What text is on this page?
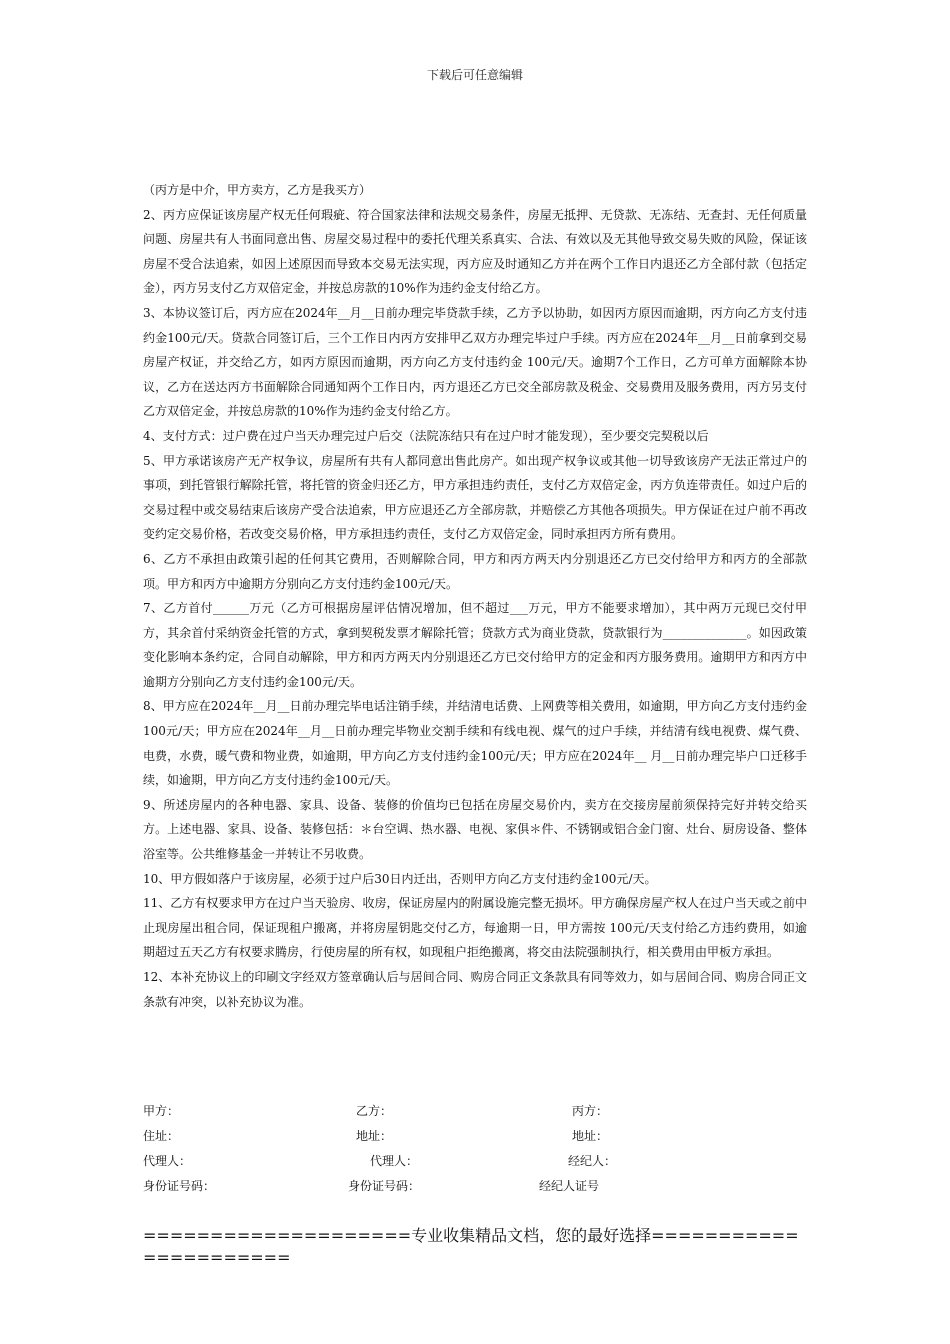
下载后可任意编辑

（丙方是中介，甲方卖方，乙方是我买方）

2、丙方应保证该房屋产权无任何瑕疵、符合国家法律和法规交易条件，房屋无抵押、无贷款、无冻结、无查封、无任何质量问题、房屋共有人书面同意出售、房屋交易过程中的委托代理关系真实、合法、有效以及无其他导致交易失败的风险，保证该房屋不受合法追索，如因上述原因而导致本交易无法实现，丙方应及时通知乙方并在两个工作日内退还乙方全部付款（包括定金），丙方另支付乙方双倍定金，并按总房款的10%作为违约金支付给乙方。

3、本协议签订后，丙方应在2024年__月__日前办理完毕贷款手续，乙方予以协助，如因丙方原因而逾期，丙方向乙方支付违约金100元/天。贷款合同签订后，三个工作日内丙方安排甲乙双方办理完毕过户手续。丙方应在2024年__月__日前拿到交易房屋产权证，并交给乙方，如丙方原因而逾期，丙方向乙方支付违约金 100元/天。逾期7个工作日，乙方可单方面解除本协议，乙方在送达丙方书面解除合同通知两个工作日内，丙方退还乙方已交全部房款及税金、交易费用及服务费用，丙方另支付乙方双倍定金，并按总房款的10%作为违约金支付给乙方。

4、支付方式：过户费在过户当天办理完过户后交（法院冻结只有在过户时才能发现），至少要交完契税以后

5、甲方承诺该房产无产权争议，房屋所有共有人都同意出售此房产。如出现产权争议或其他一切导致该房产无法正常过户的事项，到托管银行解除托管，将托管的资金归还乙方，甲方承担违约责任，支付乙方双倍定金，丙方负连带责任。如过户后的交易过程中或交易结束后该房产受合法追索，甲方应退还乙方全部房款，并赔偿乙方其他各项损失。甲方保证在过户前不再改变约定交易价格，若改变交易价格，甲方承担违约责任，支付乙方双倍定金，同时承担丙方所有费用。

6、乙方不承担由政策引起的任何其它费用，否则解除合同，甲方和丙方两天内分别退还乙方已交付给甲方和丙方的全部款项。甲方和丙方中逾期方分别向乙方支付违约金100元/天。

7、乙方首付______万元（乙方可根据房屋评估情况增加，但不超过___万元，甲方不能要求增加），其中两万元现已交付甲方，其余首付采纳资金托管的方式，拿到契税发票才解除托管；贷款方式为商业贷款，贷款银行为______________。如因政策变化影响本条约定，合同自动解除，甲方和丙方两天内分别退还乙方已交付给甲方的定金和丙方服务费用。逾期甲方和丙方中逾期方分别向乙方支付违约金100元/天。

8、甲方应在2024年__月__日前办理完毕电话注销手续，并结清电话费、上网费等相关费用，如逾期，甲方向乙方支付违约金100元/天；甲方应在2024年__月__日前办理完毕物业交割手续和有线电视、煤气的过户手续，并结清有线电视费、煤气费、电费，水费，暖气费和物业费，如逾期，甲方向乙方支付违约金100元/天；甲方应在2024年__ 月__日前办理完毕户口迁移手续，如逾期，甲方向乙方支付违约金100元/天。

9、所述房屋内的各种电器、家具、设备、装修的价值均已包括在房屋交易价内，卖方在交接房屋前须保持完好并转交给买方。上述电器、家具、设备、装修包括：＊台空调、热水器、电视、家俱＊件、不锈钢或铝合金门窗、灶台、厨房设备、整体浴室等。公共维修基金一并转让不另收费。

10、甲方假如落户于该房屋，必须于过户后30日内迁出，否则甲方向乙方支付违约金100元/天。

11、乙方有权要求甲方在过户当天验房、收房，保证房屋内的附属设施完整无损坏。甲方确保房屋产权人在过户当天或之前中止现房屋出租合同，保证现租户搬离，并将房屋钥匙交付乙方，每逾期一日，甲方需按 100元/天支付给乙方违约费用，如逾期超过五天乙方有权要求腾房，行使房屋的所有权，如现租户拒绝搬离，将交由法院强制执行，相关费用由甲板方承担。

12、本补充协议上的印刷文字经双方签章确认后与居间合同、购房合同正文条款具有同等效力，如与居间合同、购房合同正文条款有冲突，以补充协议为准。

甲方：	乙方：	丙方：
住址：	地址：	地址：
代理人：	代理人：	经纪人：
身份证号码：	身份证号码：	经纪人证号
====================专业收集精品文档，您的最好选择======================
